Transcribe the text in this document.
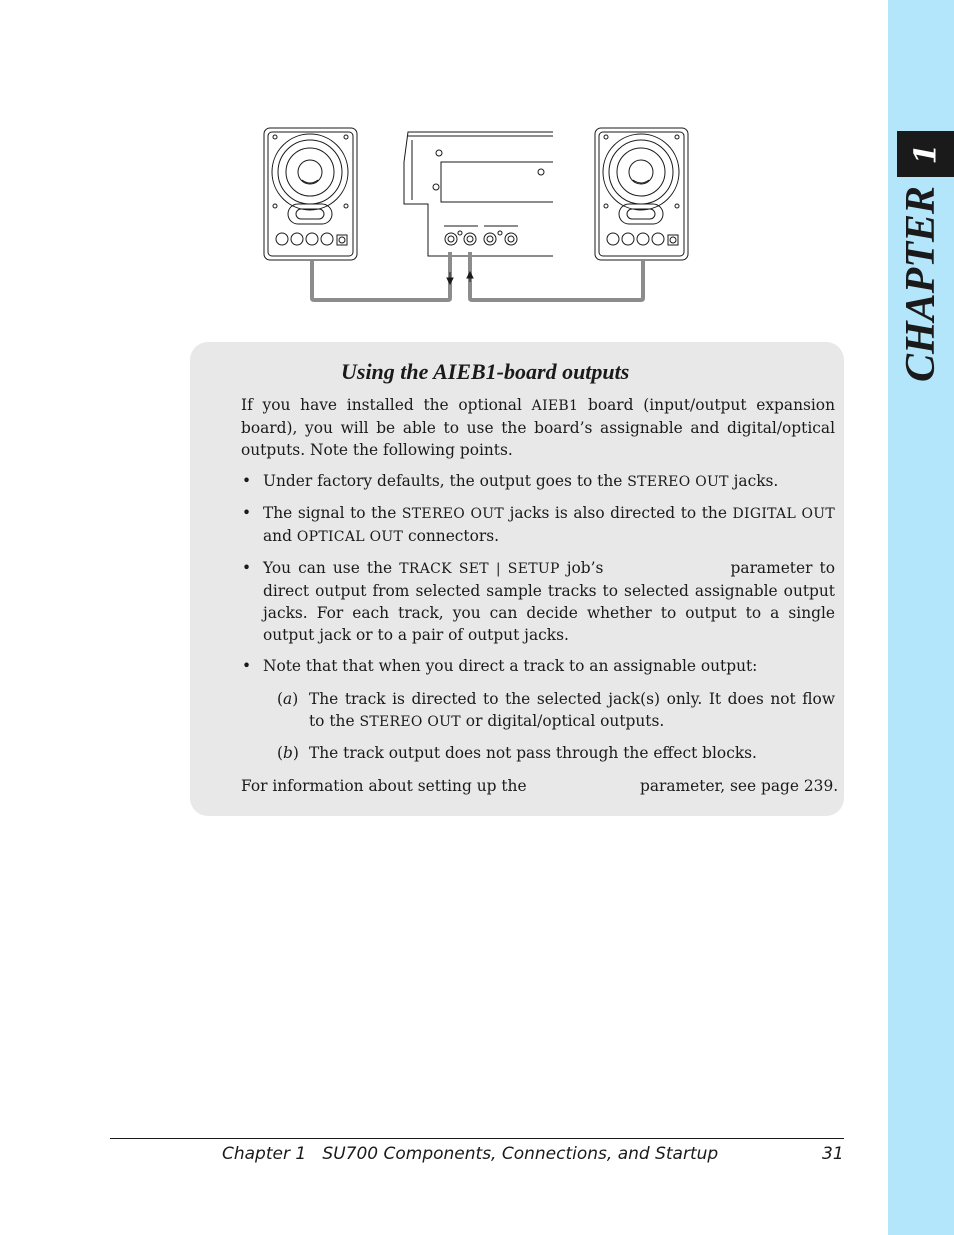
1
CHAPTER
Using the AIEB1-board outputs
If you have installed the optional AIEB1 board (input/output expansion board), you will be able to use the board’s assignable and digital/optical outputs. Note the following points.
• Under factory defaults, the output goes to the STEREO OUT jacks.
• The signal to the STEREO OUT jacks is also directed to the DIGITAL OUT and OPTICAL OUT connectors.
• You can use the TRACK SET | SETUP job’s	parameter to direct output from selected sample tracks to selected assignable output jacks. For each track, you can decide whether to output to a single output jack or to a pair of output jacks.
• Note that that when you direct a track to an assignable output:
(a) The track is directed to the selected jack(s) only. It does not flow to the STEREO OUT or digital/optical outputs.
(b) The track output does not pass through the effect blocks.
For information about setting up the	parameter, see page 239.
Chapter 1 SU700 Components, Connections, and Startup	31
